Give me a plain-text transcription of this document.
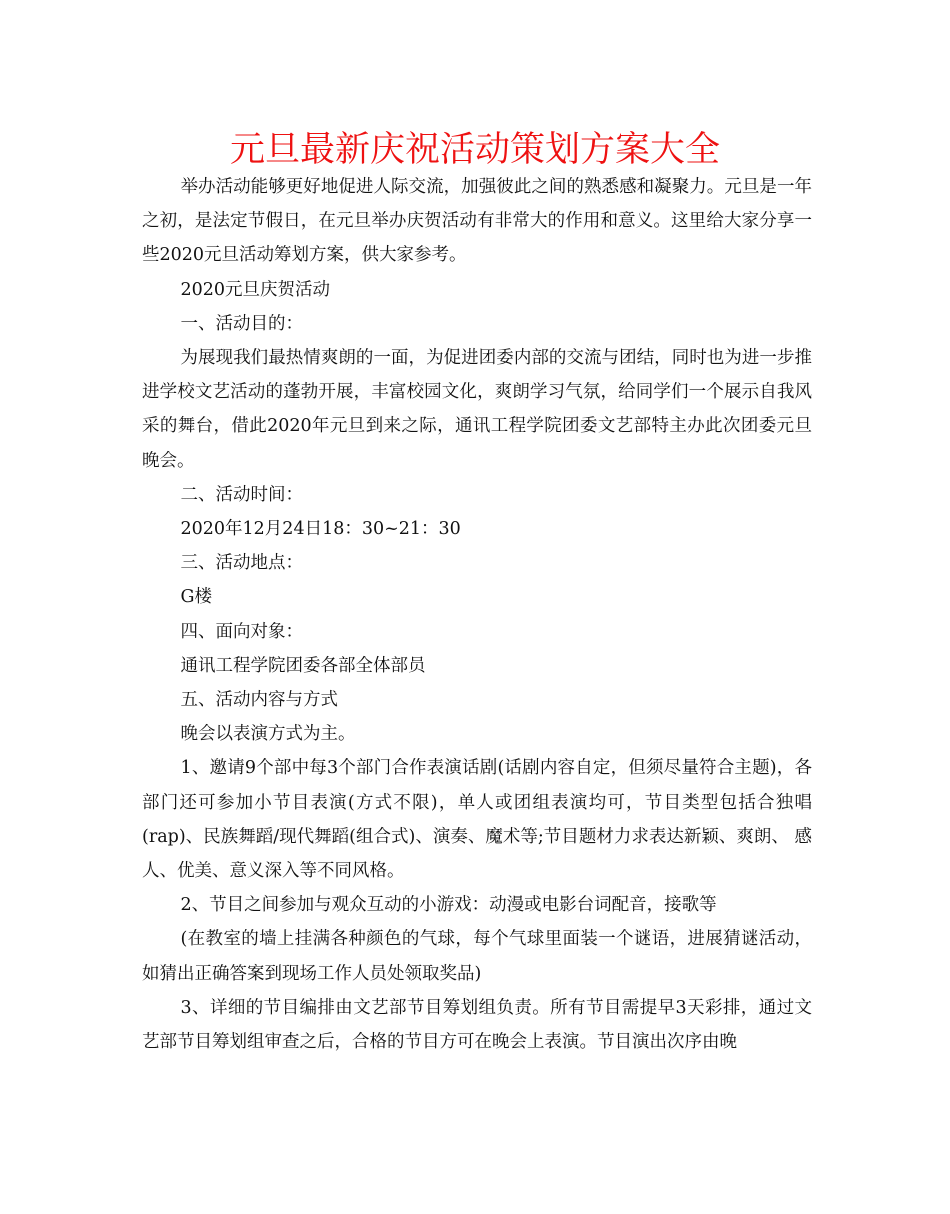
元旦最新庆祝活动策划方案大全

举办活动能够更好地促进人际交流，加强彼此之间的熟悉感和凝聚力。元旦是一年之初，是法定节假日，在元旦举办庆贺活动有非常大的作用和意义。这里给大家分享一些2020元旦活动筹划方案，供大家参考。

2020元旦庆贺活动

一、活动目的：

为展现我们最热情爽朗的一面，为促进团委内部的交流与团结，同时也为进一步推进学校文艺活动的蓬勃开展，丰富校园文化，爽朗学习气氛，给同学们一个展示自我风采的舞台，借此2020年元旦到来之际，通讯工程学院团委文艺部特主办此次团委元旦晚会。

二、活动时间：

2020年12月24日18：30~21：30

三、活动地点：

G楼

四、面向对象：

通讯工程学院团委各部全体部员

五、活动内容与方式

晚会以表演方式为主。

1、邀请9个部中每3个部门合作表演话剧(话剧内容自定，但须尽量符合主题)，各部门还可参加小节目表演(方式不限)，单人或团组表演均可，节目类型包括合独唱(rap)、民族舞蹈/现代舞蹈(组合式)、演奏、魔术等;节目题材力求表达新颖、爽朗、 感人、优美、意义深入等不同风格。

2、节目之间参加与观众互动的小游戏：动漫或电影台词配音，接歌等

(在教室的墙上挂满各种颜色的气球，每个气球里面装一个谜语，进展猜谜活动，如猜出正确答案到现场工作人员处领取奖品)

3、详细的节目编排由文艺部节目筹划组负责。所有节目需提早3天彩排，通过文艺部节目筹划组审查之后，合格的节目方可在晚会上表演。节目演出次序由晚
